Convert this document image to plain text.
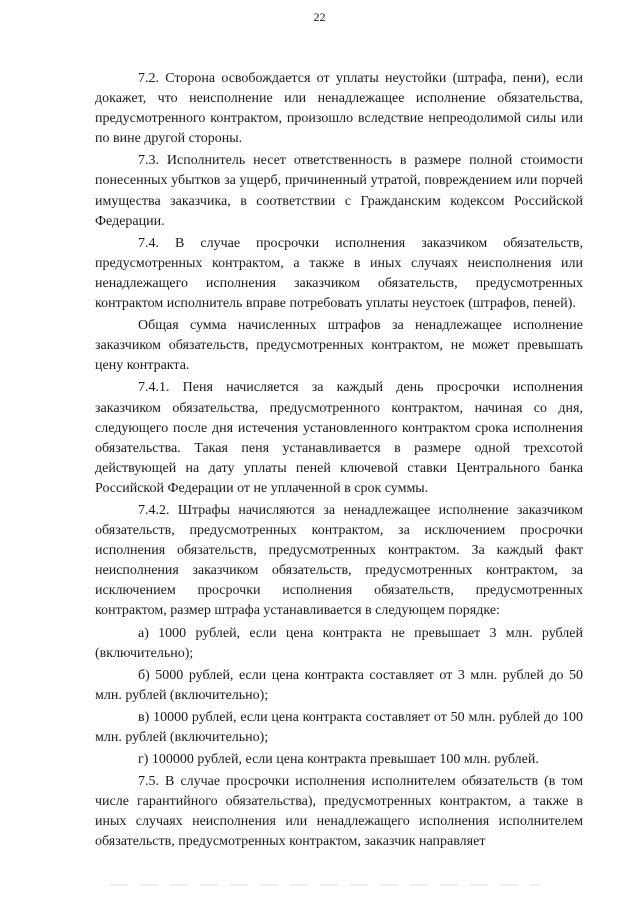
22

7.2. Сторона освобождается от уплаты неустойки (штрафа, пени), если докажет, что неисполнение или ненадлежащее исполнение обязательства, предусмотренного контрактом, произошло вследствие непреодолимой силы или по вине другой стороны.

7.3. Исполнитель несет ответственность в размере полной стоимости понесенных убытков за ущерб, причиненный утратой, повреждением или порчей имущества заказчика, в соответствии с Гражданским кодексом Российской Федерации.

7.4. В случае просрочки исполнения заказчиком обязательств, предусмотренных контрактом, а также в иных случаях неисполнения или ненадлежащего исполнения заказчиком обязательств, предусмотренных контрактом исполнитель вправе потребовать уплаты неустоек (штрафов, пеней).

Общая сумма начисленных штрафов за ненадлежащее исполнение заказчиком обязательств, предусмотренных контрактом, не может превышать цену контракта.

7.4.1. Пеня начисляется за каждый день просрочки исполнения заказчиком обязательства, предусмотренного контрактом, начиная со дня, следующего после дня истечения установленного контрактом срока исполнения обязательства. Такая пеня устанавливается в размере одной трехсотой действующей на дату уплаты пеней ключевой ставки Центрального банка Российской Федерации от не уплаченной в срок суммы.

7.4.2. Штрафы начисляются за ненадлежащее исполнение заказчиком обязательств, предусмотренных контрактом, за исключением просрочки исполнения обязательств, предусмотренных контрактом. За каждый факт неисполнения заказчиком обязательств, предусмотренных контрактом, за исключением просрочки исполнения обязательств, предусмотренных контрактом, размер штрафа устанавливается в следующем порядке:

а) 1000 рублей, если цена контракта не превышает 3 млн. рублей (включительно);

б) 5000 рублей, если цена контракта составляет от 3 млн. рублей до 50 млн. рублей (включительно);

в) 10000 рублей, если цена контракта составляет от 50 млн. рублей до 100 млн. рублей (включительно);

г) 100000 рублей, если цена контракта превышает 100 млн. рублей.

7.5. В случае просрочки исполнения исполнителем обязательств (в том числе гарантийного обязательства), предусмотренных контрактом, а также в иных случаях неисполнения или ненадлежащего исполнения исполнителем обязательств, предусмотренных контрактом, заказчик направляет
